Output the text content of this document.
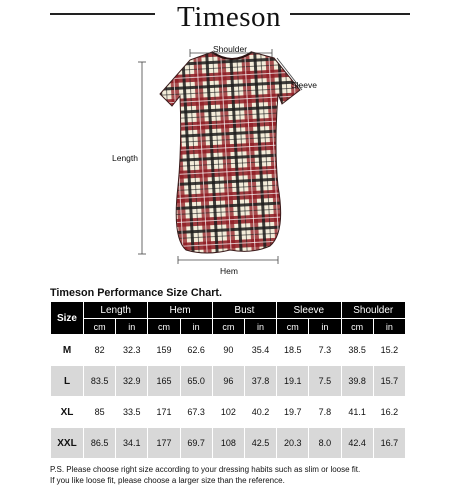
Timeson
Shoulder
Sleeve
Length
Hem
Timeson Performance Size Chart.
Size	Length		Hem		Bust		Sleeve		Shoulder	
	cm	in	cm	in	cm	in	cm	in	cm	in
M	82	32.3	159	62.6	90	35.4	18.5	7.3	38.5	15.2
L	83.5	32.9	165	65.0	96	37.8	19.1	7.5	39.8	15.7
XL	85	33.5	171	67.3	102	40.2	19.7	7.8	41.1	16.2
XXL	86.5	34.1	177	69.7	108	42.5	20.3	8.0	42.4	16.7
P.S. Please choose right size according to your dressing habits such as slim or loose fit.
If you like loose fit, please choose a larger size than the reference.
